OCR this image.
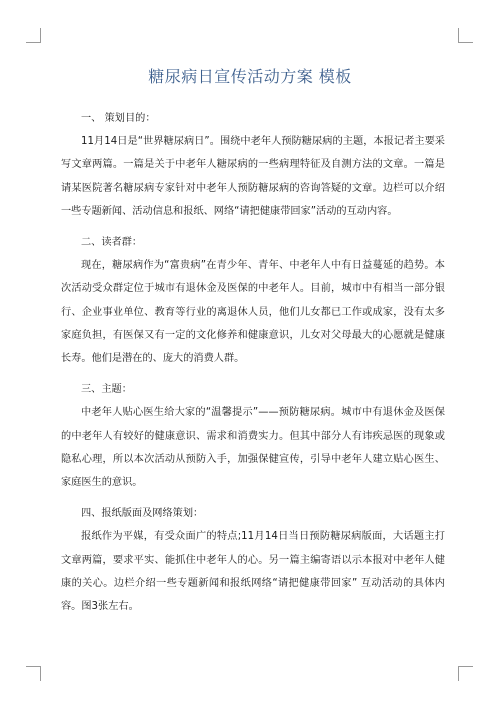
糖尿病日宣传活动方案 模板

一、 策划目的：

11月14日是“世界糖尿病日”。围绕中老年人预防糖尿病的主题，本报记者主要采写文章两篇。一篇是关于中老年人糖尿病的一些病理特征及自测方法的文章。一篇是请某医院著名糖尿病专家针对中老年人预防糖尿病的咨询答疑的文章。边栏可以介绍一些专题新闻、活动信息和报纸、网络“请把健康带回家”活动的互动内容。

二、读者群：

现在，糖尿病作为“富贵病”在青少年、青年、中老年人中有日益蔓延的趋势。本次活动受众群定位于城市有退休金及医保的中老年人。目前，城市中有相当一部分银行、企业事业单位、教育等行业的离退休人员，他们儿女都已工作或成家，没有太多家庭负担，有医保又有一定的文化修养和健康意识，儿女对父母最大的心愿就是健康长寿。他们是潜在的、庞大的消费人群。

三、主题：

中老年人贴心医生给大家的“温馨提示”——预防糖尿病。城市中有退休金及医保的中老年人有较好的健康意识、需求和消费实力。但其中部分人有讳疾忌医的现象或隐私心理，所以本次活动从预防入手，加强保健宣传，引导中老年人建立贴心医生、家庭医生的意识。

四、报纸版面及网络策划：

报纸作为平媒，有受众面广的特点;11月14日当日预防糖尿病版面，大话题主打文章两篇，要求平实、能抓住中老年人的心。另一篇主编寄语以示本报对中老年人健康的关心。边栏介绍一些专题新闻和报纸网络“请把健康带回家” 互动活动的具体内容。图3张左右。
